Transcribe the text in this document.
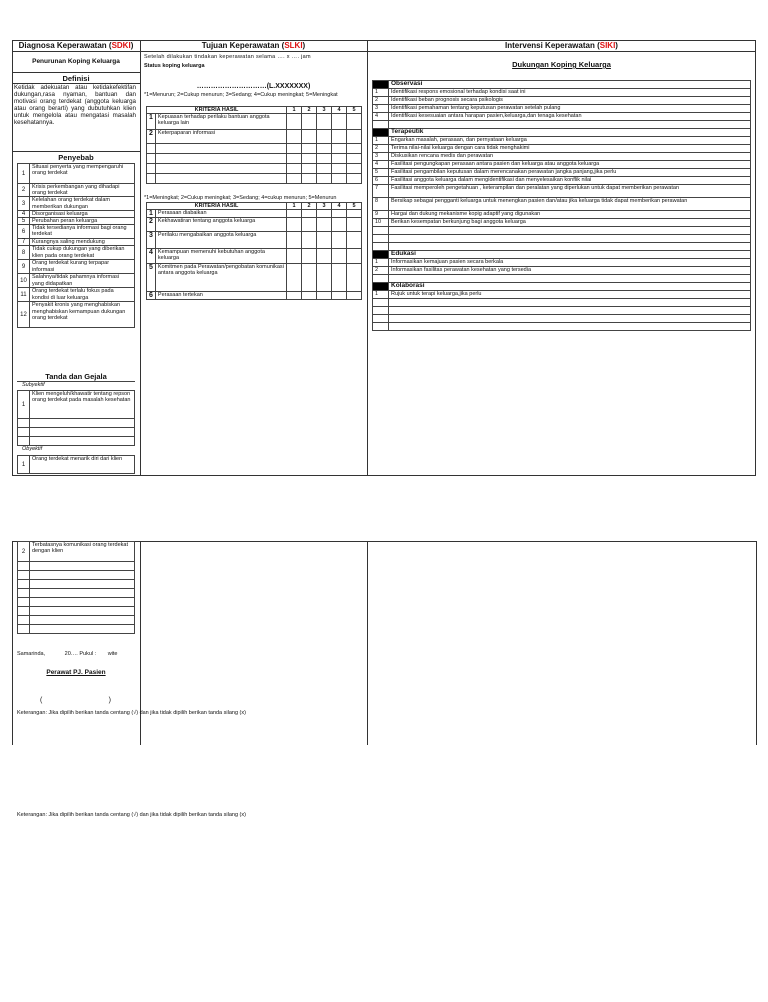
Diagnosa Keperawatan (SDKI)	Tujuan Keperawatan (SLKI)	Intervensi Keperawatan (SIKI)
Penurunan Koping Keluarga
Definisi
Ketidak adekuatan atau ketidakefektifan dukungan,rasa nyaman, bantuan dan motivasi orang terdekat (anggota keluarga atau orang berarti) yang dubutuhkan klien untuk mengelola atau mengatasi masalah kesehatannya.
Penyebab
1	Situasi penyerta yang mempengaruhi orang terdekat
2	Krisis perkembangan yang dihadapi orang terdekat
3	Kelelahan orang terdekat dalam memberikan dukungan
4	Disorganisasi keluarga
5	Perubahan peran keluarga
6	Tidak tersedianya informasi bagi orang terdekat
7	Kurangnya saling mendukung
8	Tidak cukup dukungan yang diberikan klien pada orang terdekat
9	Orang terdekat kurang terpapar informasi
10	Salahnya/tidak pahamnya informasi yang didapatkan
11	Orang terdekat terlalu fokus pada kondisi di luar keluarga
12	Penyakit kronis yang menghabiskan menghabiskan kemampuan dukungan orang terdekat
Tanda dan Gejala
Subyektif
1	Klien mengeluh/khawatir tentang repson orang terdekat pada masalah kesehatan

Obyektif
1	Orang terdekat menarik diri dari klien
Setelah dilakukan tindakan keperawatan selama …. x …. jam
Status koping keluarga
…………………………(L.XXXXXXX)
*1=Menurun; 2=Cukup menurun; 3=Sedang; 4=Cukup meningkat; 5=Meningkat
KRITERIA HASIL		1	2	3	4	5
1	Kepuasan terhadap perilaku bantuan anggota keluarga lain					
2	Keterpaparan informasi					

*1=Meningkat; 2=Cukup meningkat; 3=Sedang; 4=cukup menurun; 5=Menurun
KRITERIA HASIL		1	2	3	4	5
1	Perasaan diabaikan					
2	Kekhawatiran tentang anggota keluarga					
3	Perilaku mengabaikan anggota keluarga					
4	Kemampuan memenuhi kebutuhan anggota keluarga					
5	Komitmen pada Perawatan/pengobatan komunikasi antara anggota keluarga					
6	Perasaan tertekan					
Dukungan Koping Keluarga
	Observasi
1	Identifikasi respons emosional terhadap kondisi saat ini
2	Identifikasi beban prognosis secara psikologis
3	Identifikasi pemahaman tentang keputusan perawatan setelah pulang
4	Identifikasi kesesuaian antara harapan pasien,keluarga,dan tenaga kesehatan

	Terapeutik
1	Engarkan masalah, perasaan, dan pernyataan keluarga
2	Terima nilai-nilai keluarga dengan cara tidak menghakimi
3	Diskusikan rencana medis dan perawatan
4	Fasilitasi pengungkapan perasaan antara pasien dan keluarga atau anggota keluarga
5	Fasilitasi pengambilan keputusan dalam merencanakan perawatan jangka panjang,jika perlu
6	Fasilitasi anggota keluarga dalam mengidentifikasi dan menyelesaikan konflik nilai
7	Fasilitasi memperoleh pengetahuan , keterampilan dan peralatan yang diperlukan untuk dapat memberikan perawatan
8	Bersikap sebagai pengganti keluarga untuk menengkan pasien dan/atau jika keluarga tidak dapat memberikan perawatan
9	Hargai dan dukung mekanisme kopig adaptif yang digunakan
10	Berikan kesempatan berkunjung bagi anggota keluarga

	Edukasi
1	Informasikan kemajuan pasien secara berkala
2	Informasikan fasilitas perawatan kesehatan yang tersedia

	Kolaborasi
1	Rujuk untuk terapi keluarga,jika perlu

2	Terbatasnya komunikasi orang terdekat dengan klien

Samarinda,	20…. Pukul : wite
Perawat PJ. Pasien
(	)
Keterangan: Jika dipilih berikan tanda centang (√) dan jika tidak dipilih berikan tanda silang (x)
Keterangan: Jika dipilih berikan tanda centang (√) dan jika tidak dipilih berikan tanda silang (x)
